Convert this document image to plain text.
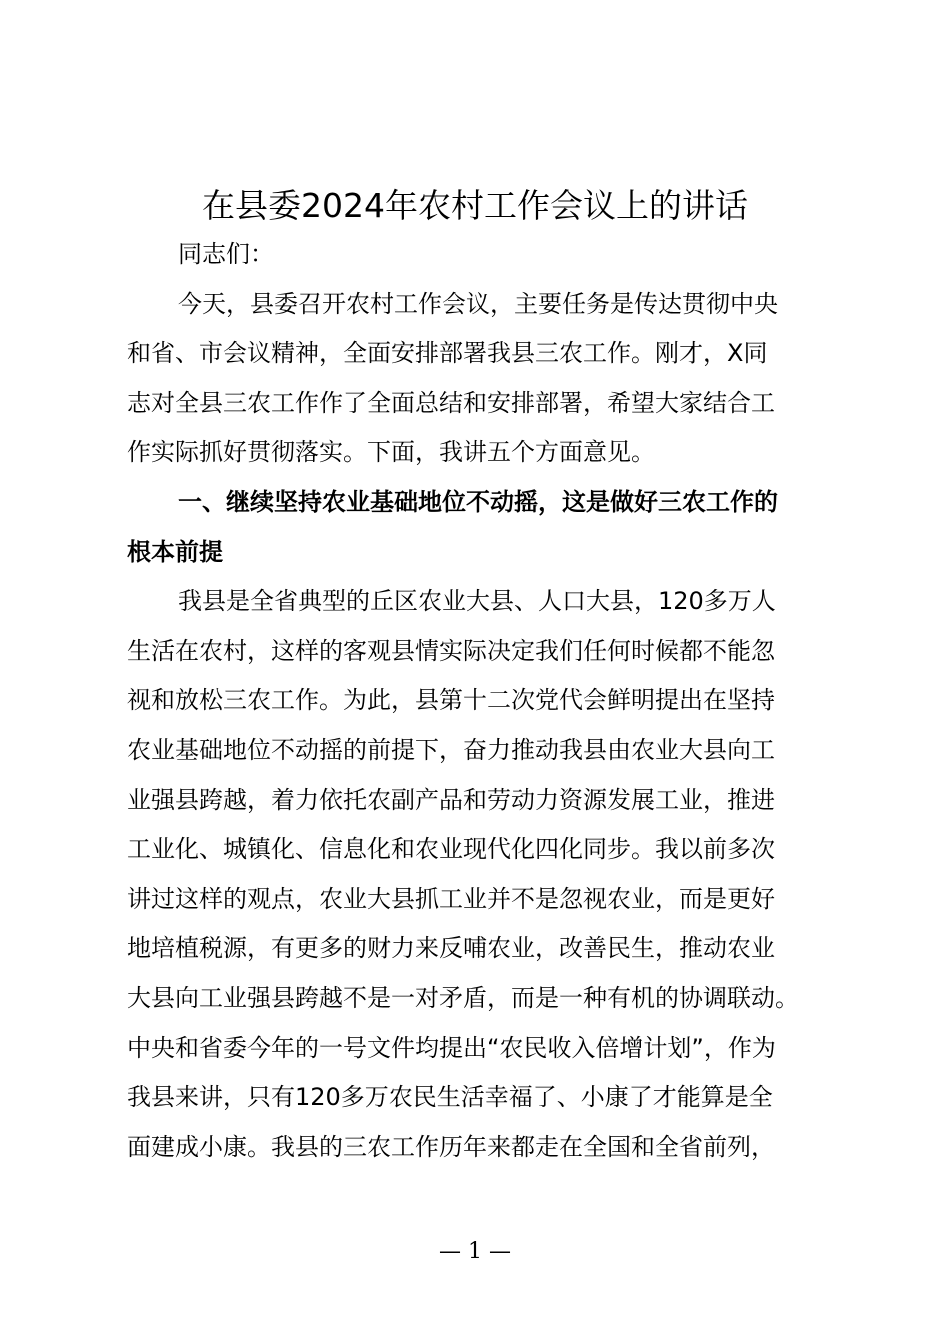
在县委2024年农村工作会议上的讲话
同志们：
今天，县委召开农村工作会议，主要任务是传达贯彻中央
和省、市会议精神，全面安排部署我县三农工作。刚才，X同
志对全县三农工作作了全面总结和安排部署，希望大家结合工
作实际抓好贯彻落实。下面，我讲五个方面意见。
一、继续坚持农业基础地位不动摇，这是做好三农工作的
根本前提
我县是全省典型的丘区农业大县、人口大县，120多万人
生活在农村，这样的客观县情实际决定我们任何时候都不能忽
视和放松三农工作。为此，县第十二次党代会鲜明提出在坚持
农业基础地位不动摇的前提下，奋力推动我县由农业大县向工
业强县跨越，着力依托农副产品和劳动力资源发展工业，推进
工业化、城镇化、信息化和农业现代化四化同步。我以前多次
讲过这样的观点，农业大县抓工业并不是忽视农业，而是更好
地培植税源，有更多的财力来反哺农业，改善民生，推动农业
大县向工业强县跨越不是一对矛盾，而是一种有机的协调联动。
中央和省委今年的一号文件均提出“农民收入倍增计划”，作为
我县来讲，只有120多万农民生活幸福了、小康了才能算是全
面建成小康。我县的三农工作历年来都走在全国和全省前列，
— 1 —
